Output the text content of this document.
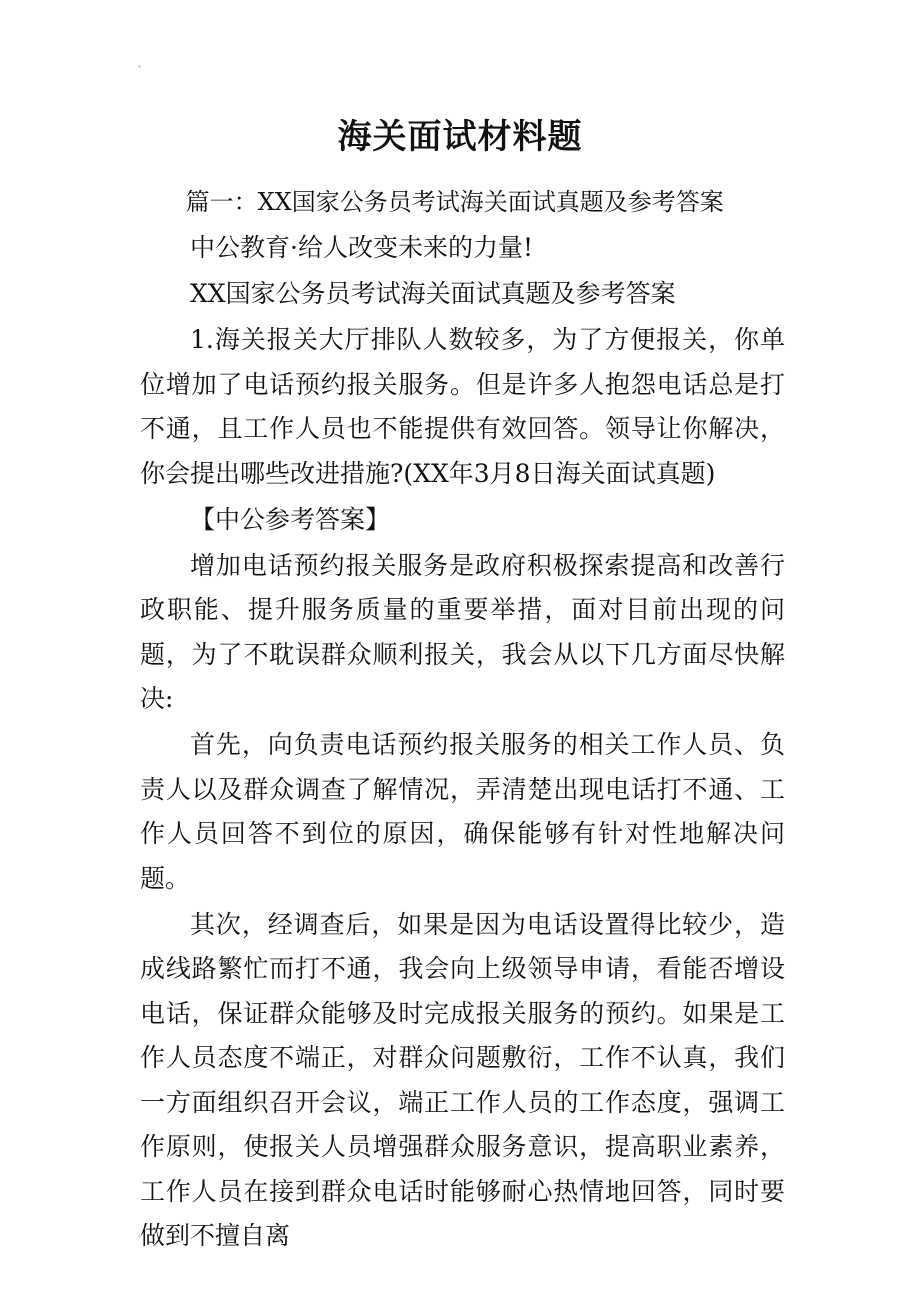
海关面试材料题

篇一：XX国家公务员考试海关面试真题及参考答案

中公教育·给人改变未来的力量!

XX国家公务员考试海关面试真题及参考答案

1.海关报关大厅排队人数较多，为了方便报关，你单位增加了电话预约报关服务。但是许多人抱怨电话总是打不通，且工作人员也不能提供有效回答。领导让你解决，你会提出哪些改进措施?(XX年3月8日海关面试真题)

【中公参考答案】

增加电话预约报关服务是政府积极探索提高和改善行政职能、提升服务质量的重要举措，面对目前出现的问题，为了不耽误群众顺利报关，我会从以下几方面尽快解决:

首先，向负责电话预约报关服务的相关工作人员、负责人以及群众调查了解情况，弄清楚出现电话打不通、工作人员回答不到位的原因，确保能够有针对性地解决问题。

其次，经调查后，如果是因为电话设置得比较少，造成线路繁忙而打不通，我会向上级领导申请，看能否增设电话，保证群众能够及时完成报关服务的预约。如果是工作人员态度不端正，对群众问题敷衍，工作不认真，我们一方面组织召开会议，端正工作人员的工作态度，强调工作原则，使报关人员增强群众服务意识，提高职业素养，工作人员在接到群众电话时能够耐心热情地回答，同时要做到不擅自离
